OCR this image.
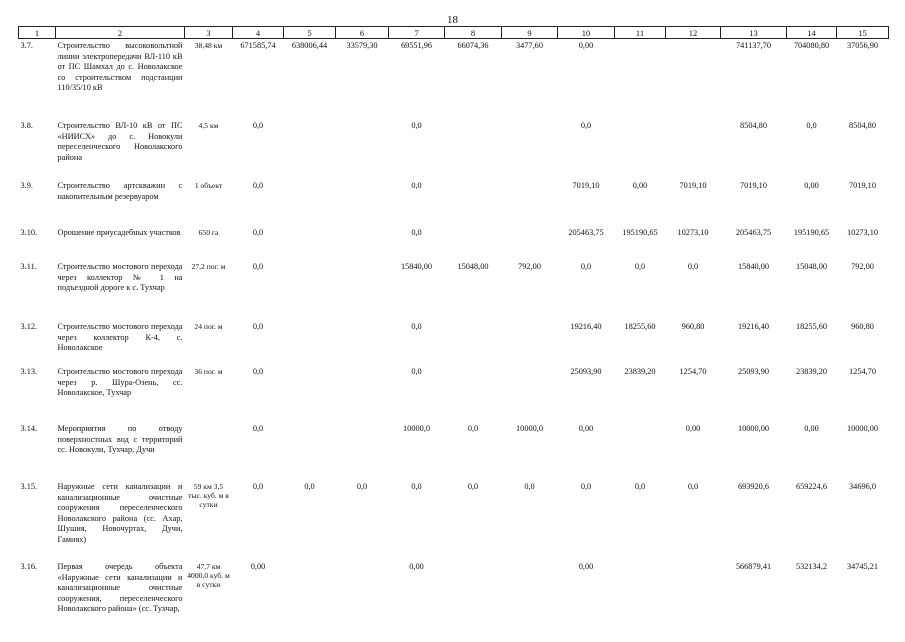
18
1	2	3	4	5	6	7	8	9	10	11	12	13	14	15
3.7.	Строительство высоковольтной линии электропередачи ВЛ-110 кВ от ПС Шамхал до с. Новолакское со строительством подстанции 110/35/10 кВ	38,48 км	671585,74	638006,44	33579,30	69551,96	66074,36	3477,60	0,00			741137,70	704080,80	37056,90
3.8.	Строительство ВЛ-10 кВ от ПС «НИИСХ» до с. Новокули переселенческого Новолакского района	4,5 км	0,0			0,0			0,0			8504,80	0,0	8504,80
3.9.	Строительство артскважин с накопительным резервуаром	1 объект	0,0			0,0			7019,10	0,00	7019,10	7019,10	0,00	7019,10
3.10.	Орошение приусадебных участков	650 га	0,0			0,0			205463,75	195190,65	10273,10	205463,75	195190,65	10273,10
3.11.	Строительство мостового перехода через коллектор № 1 на подъездной дороге к с. Тухчар	27,2 пог. м	0,0			15840,00	15048,00	792,00	0,0	0,0	0,0	15840,00	15048,00	792,00
3.12.	Строительство мостового перехода через коллектор К-4, с. Новолакское	24 пог. м	0,0			0,0			19216,40	18255,60	960,80	19216,40	18255,60	960,80
3.13.	Строительство мостового перехода через р. Шура-Озень, сс. Новолакское, Тухчар	36 пог. м	0,0			0,0			25093,90	23839,20	1254,70	25093,90	23839,20	1254,70
3.14.	Мероприятия по отводу поверхностных вод с территорий сс. Новокули, Тухчар, Дучи		0,0			10000,0	0,0	10000,0	0,00		0,00	10000,00	0,00	10000,00
3.15.	Наружные сети канализации и канализационные очистные сооружения переселенческого Новолакского района (сс. Ахар, Шушия, Новочуртах, Дучи, Гамиях)	59 км 3,5 тыс. куб. м в сутки	0,0	0,0	0,0	0,0	0,0	0,0	0,0	0,0	0,0	693920,6	659224,6	34696,0
3.16.	Первая очередь объекта «Наружные сети канализации и канализационные очистные сооружения, переселенческого Новолакского района» (сс. Тухчар,	47,7 км 4000,0 куб. м в сутки	0,00			0,00			0,00			566879,41	532134,2	34745,21
